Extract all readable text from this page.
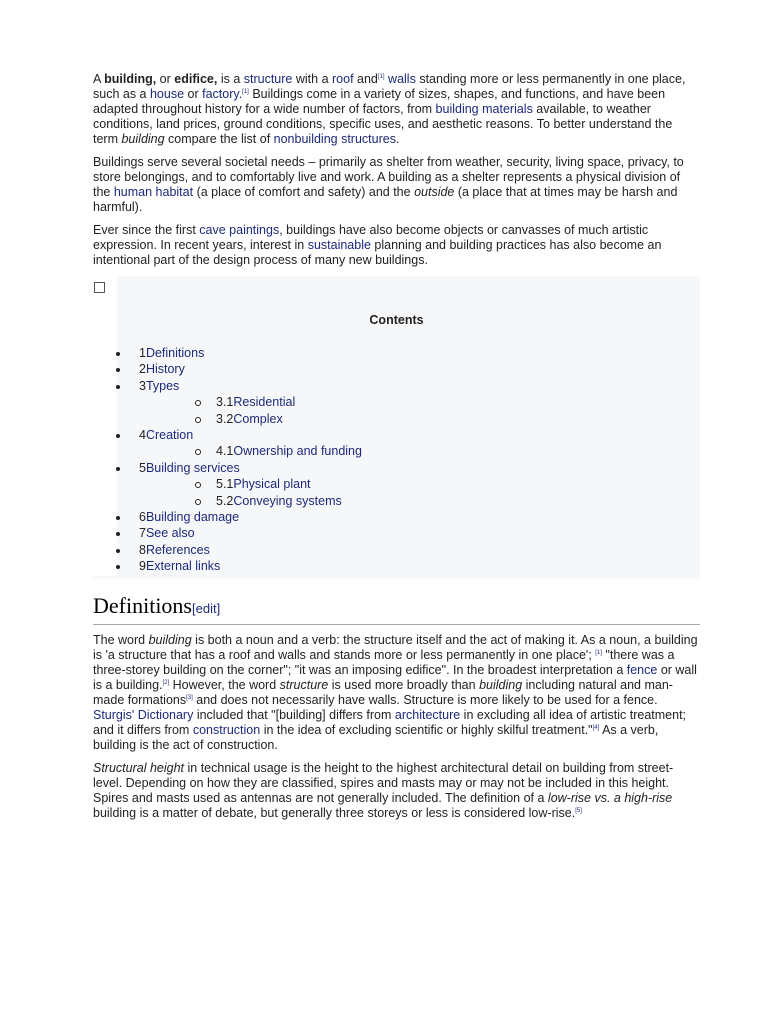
A building, or edifice, is a structure with a roof and[1] walls standing more or less permanently in one place, such as a house or factory.[1] Buildings come in a variety of sizes, shapes, and functions, and have been adapted throughout history for a wide number of factors, from building materials available, to weather conditions, land prices, ground conditions, specific uses, and aesthetic reasons. To better understand the term building compare the list of nonbuilding structures.

Buildings serve several societal needs – primarily as shelter from weather, security, living space, privacy, to store belongings, and to comfortably live and work. A building as a shelter represents a physical division of the human habitat (a place of comfort and safety) and the outside (a place that at times may be harsh and harmful).

Ever since the first cave paintings, buildings have also become objects or canvasses of much artistic expression. In recent years, interest in sustainable planning and building practices has also become an intentional part of the design process of many new buildings.

Contents
1Definitions
2History
3Types
3.1Residential
3.2Complex
4Creation
4.1Ownership and funding
5Building services
5.1Physical plant
5.2Conveying systems
6Building damage
7See also
8References
9External links
Definitions[edit]

The word building is both a noun and a verb: the structure itself and the act of making it. As a noun, a building is 'a structure that has a roof and walls and stands more or less permanently in one place'; [1] "there was a three-storey building on the corner"; "it was an imposing edifice". In the broadest interpretation a fence or wall is a building.[2] However, the word structure is used more broadly than building including natural and man-made formations[3] and does not necessarily have walls. Structure is more likely to be used for a fence. Sturgis' Dictionary included that "[building] differs from architecture in excluding all idea of artistic treatment; and it differs from construction in the idea of excluding scientific or highly skilful treatment."[4] As a verb, building is the act of construction.

Structural height in technical usage is the height to the highest architectural detail on building from street-level. Depending on how they are classified, spires and masts may or may not be included in this height. Spires and masts used as antennas are not generally included. The definition of a low-rise vs. a high-rise building is a matter of debate, but generally three storeys or less is considered low-rise.[5]
